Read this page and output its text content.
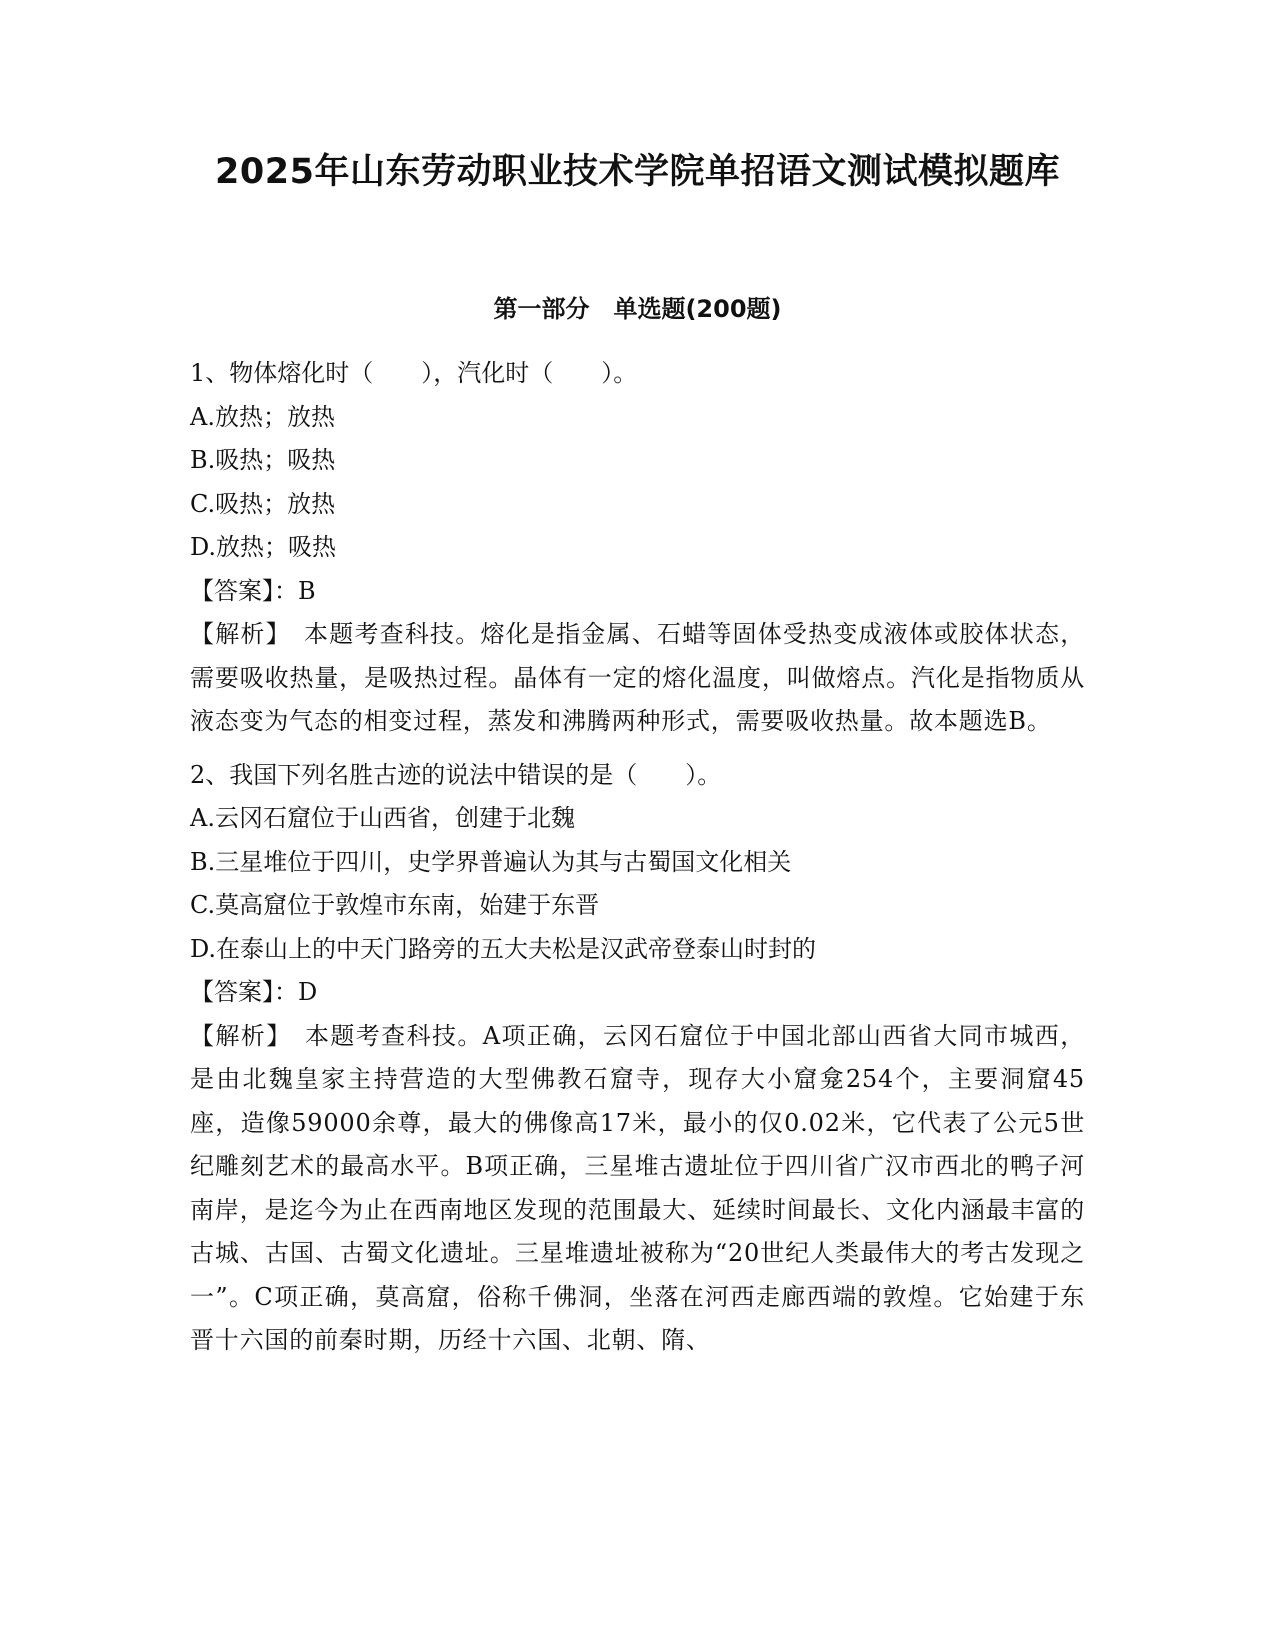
2025年山东劳动职业技术学院单招语文测试模拟题库
第一部分　单选题(200题)

1、物体熔化时（　　），汽化时（　　）。

A.放热；放热

B.吸热；吸热

C.吸热；放热

D.放热；吸热

【答案】：B

【解析】　本题考查科技。熔化是指金属、石蜡等固体受热变成液体或胶体状态，需要吸收热量，是吸热过程。晶体有一定的熔化温度，叫做熔点。汽化是指物质从液态变为气态的相变过程，蒸发和沸腾两种形式，需要吸收热量。故本题选B。

2、我国下列名胜古迹的说法中错误的是（　　）。

A.云冈石窟位于山西省，创建于北魏

B.三星堆位于四川，史学界普遍认为其与古蜀国文化相关

C.莫高窟位于敦煌市东南，始建于东晋

D.在泰山上的中天门路旁的五大夫松是汉武帝登泰山时封的

【答案】：D

【解析】　本题考查科技。A项正确，云冈石窟位于中国北部山西省大同市城西，是由北魏皇家主持营造的大型佛教石窟寺，现存大小窟龛254个，主要洞窟45座，造像59000余尊，最大的佛像高17米，最小的仅0.02米，它代表了公元5世纪雕刻艺术的最高水平。B项正确，三星堆古遗址位于四川省广汉市西北的鸭子河南岸，是迄今为止在西南地区发现的范围最大、延续时间最长、文化内涵最丰富的古城、古国、古蜀文化遗址。三星堆遗址被称为“20世纪人类最伟大的考古发现之一”。C项正确，莫高窟，俗称千佛洞，坐落在河西走廊西端的敦煌。它始建于东晋十六国的前秦时期，历经十六国、北朝、隋、
